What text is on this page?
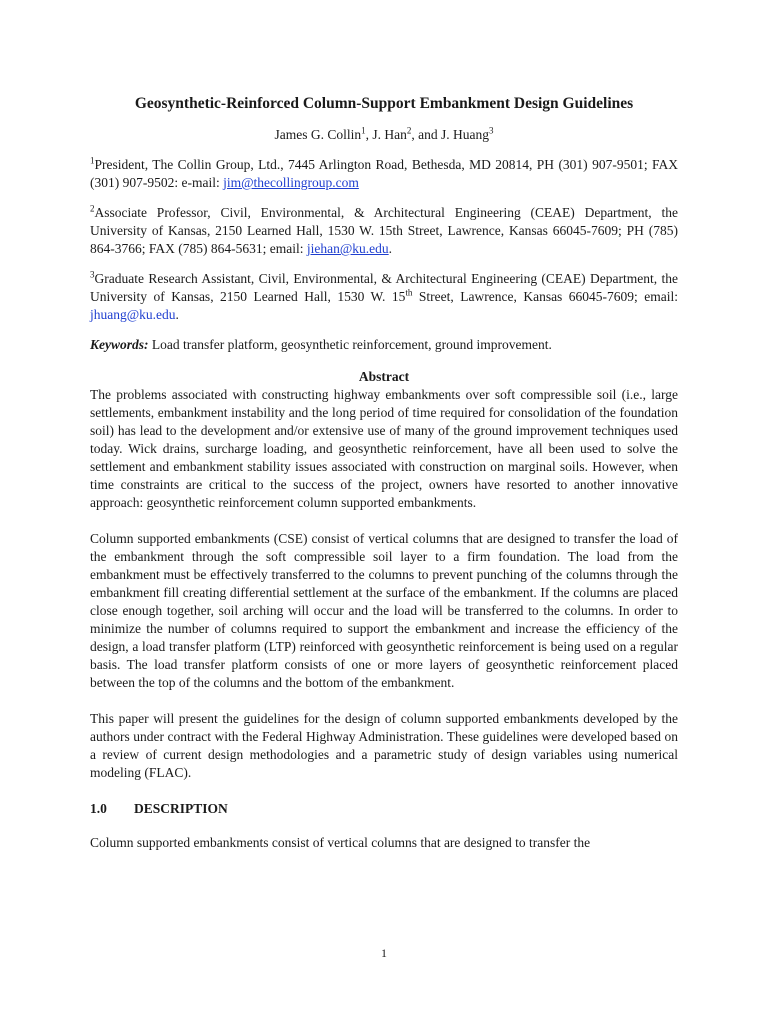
Geosynthetic-Reinforced Column-Support Embankment Design Guidelines
James G. Collin$^1$, J. Han$^2$, and J. Huang$^3$

$^1$President, The Collin Group, Ltd., 7445 Arlington Road, Bethesda, MD 20814, PH (301) 907-9501; FAX (301) 907-9502: e-mail: jim@thecollingroup.com

$^2$Associate Professor, Civil, Environmental, & Architectural Engineering (CEAE) Department, the University of Kansas, 2150 Learned Hall, 1530 W. 15th Street, Lawrence, Kansas 66045-7609; PH (785) 864-3766; FAX (785) 864-5631; email: jiehan@ku.edu.

$^3$Graduate Research Assistant, Civil, Environmental, & Architectural Engineering (CEAE) Department, the University of Kansas, 2150 Learned Hall, 1530 W. 15th Street, Lawrence, Kansas 66045-7609; email: jhuang@ku.edu.

Keywords: Load transfer platform, geosynthetic reinforcement, ground improvement.

Abstract

The problems associated with constructing highway embankments over soft compressible soil (i.e., large settlements, embankment instability and the long period of time required for consolidation of the foundation soil) has lead to the development and/or extensive use of many of the ground improvement techniques used today. Wick drains, surcharge loading, and geosynthetic reinforcement, have all been used to solve the settlement and embankment stability issues associated with construction on marginal soils. However, when time constraints are critical to the success of the project, owners have resorted to another innovative approach: geosynthetic reinforcement column supported embankments.

Column supported embankments (CSE) consist of vertical columns that are designed to transfer the load of the embankment through the soft compressible soil layer to a firm foundation. The load from the embankment must be effectively transferred to the columns to prevent punching of the columns through the embankment fill creating differential settlement at the surface of the embankment. If the columns are placed close enough together, soil arching will occur and the load will be transferred to the columns. In order to minimize the number of columns required to support the embankment and increase the efficiency of the design, a load transfer platform (LTP) reinforced with geosynthetic reinforcement is being used on a regular basis. The load transfer platform consists of one or more layers of geosynthetic reinforcement placed between the top of the columns and the bottom of the embankment.

This paper will present the guidelines for the design of column supported embankments developed by the authors under contract with the Federal Highway Administration. These guidelines were developed based on a review of current design methodologies and a parametric study of design variables using numerical modeling (FLAC).

1.0 DESCRIPTION

Column supported embankments consist of vertical columns that are designed to transfer the

1
